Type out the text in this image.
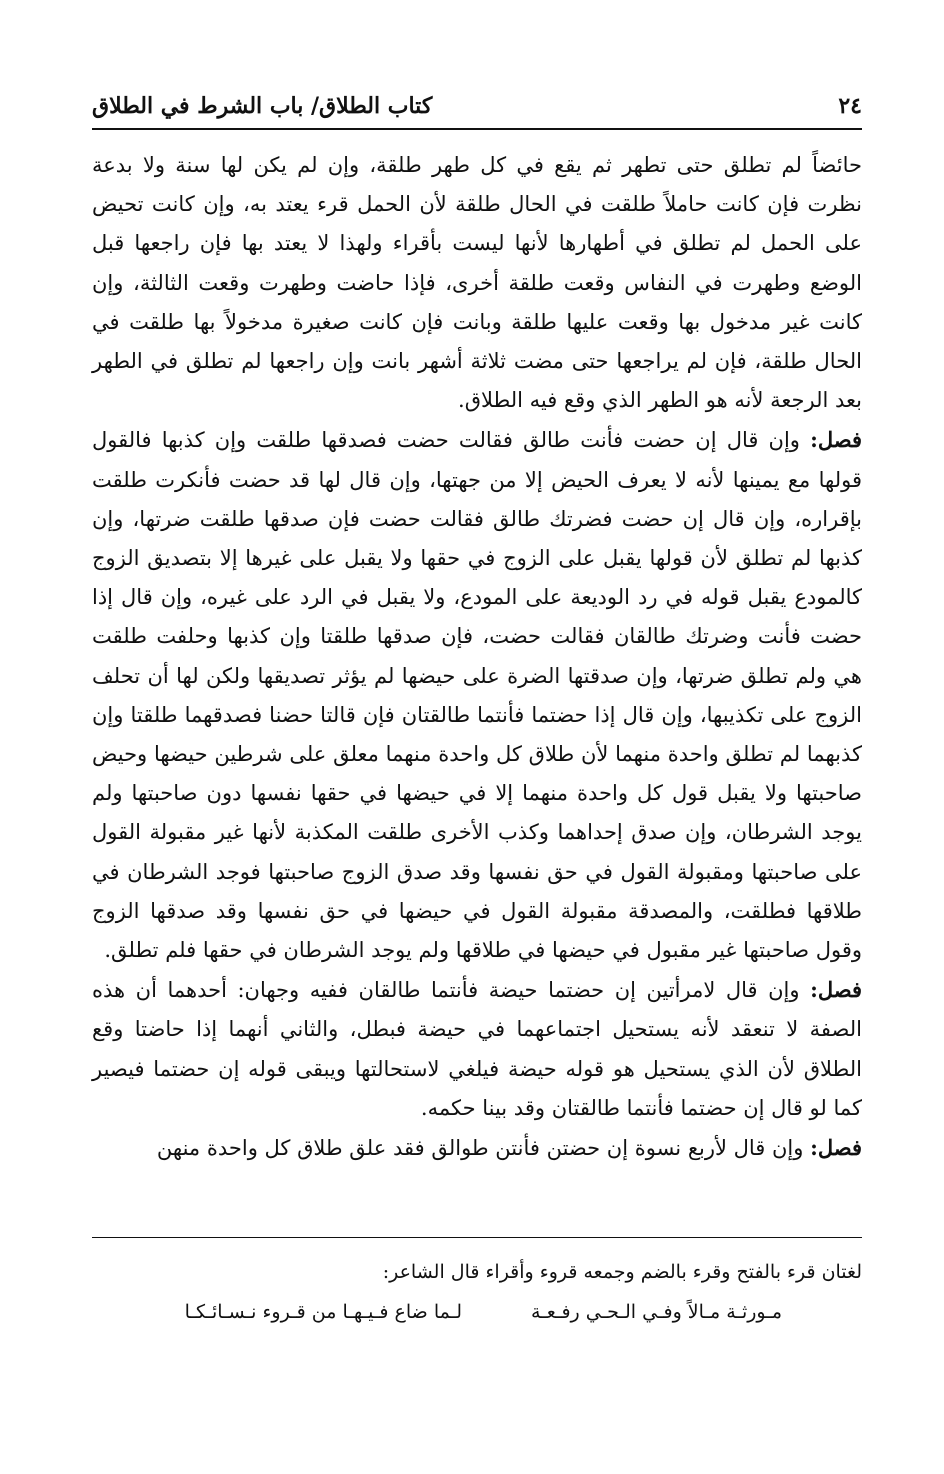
٢٤
كتاب الطلاق/ باب الشرط في الطلاق

حائضاً لم تطلق حتى تطهر ثم يقع في كل طهر طلقة، وإن لم يكن لها سنة ولا بدعة نظرت فإن كانت حاملاً طلقت في الحال طلقة لأن الحمل قرء يعتد به، وإن كانت تحيض على الحمل لم تطلق في أطهارها لأنها ليست بأقراء ولهذا لا يعتد بها فإن راجعها قبل الوضع وطهرت في النفاس وقعت طلقة أخرى، فإذا حاضت وطهرت وقعت الثالثة، وإن كانت غير مدخول بها وقعت عليها طلقة وبانت فإن كانت صغيرة مدخولاً بها طلقت في الحال طلقة، فإن لم يراجعها حتى مضت ثلاثة أشهر بانت وإن راجعها لم تطلق في الطهر بعد الرجعة لأنه هو الطهر الذي وقع فيه الطلاق.

فصل: وإن قال إن حضت فأنت طالق فقالت حضت فصدقها طلقت وإن كذبها فالقول قولها مع يمينها لأنه لا يعرف الحيض إلا من جهتها، وإن قال لها قد حضت فأنكرت طلقت بإقراره، وإن قال إن حضت فضرتك طالق فقالت حضت فإن صدقها طلقت ضرتها، وإن كذبها لم تطلق لأن قولها يقبل على الزوج في حقها ولا يقبل على غيرها إلا بتصديق الزوج كالمودع يقبل قوله في رد الوديعة على المودع، ولا يقبل في الرد على غيره، وإن قال إذا حضت فأنت وضرتك طالقان فقالت حضت، فإن صدقها طلقتا وإن كذبها وحلفت طلقت هي ولم تطلق ضرتها، وإن صدقتها الضرة على حيضها لم يؤثر تصديقها ولكن لها أن تحلف الزوج على تكذيبها، وإن قال إذا حضتما فأنتما طالقتان فإن قالتا حضنا فصدقهما طلقتا وإن كذبهما لم تطلق واحدة منهما لأن طلاق كل واحدة منهما معلق على شرطين حيضها وحيض صاحبتها ولا يقبل قول كل واحدة منهما إلا في حيضها في حقها نفسها دون صاحبتها ولم يوجد الشرطان، وإن صدق إحداهما وكذب الأخرى طلقت المكذبة لأنها غير مقبولة القول على صاحبتها ومقبولة القول في حق نفسها وقد صدق الزوج صاحبتها فوجد الشرطان في طلاقها فطلقت، والمصدقة مقبولة القول في حيضها في حق نفسها وقد صدقها الزوج وقول صاحبتها غير مقبول في حيضها في طلاقها ولم يوجد الشرطان في حقها فلم تطلق.

فصل: وإن قال لامرأتين إن حضتما حيضة فأنتما طالقان ففيه وجهان: أحدهما أن هذه الصفة لا تنعقد لأنه يستحيل اجتماعهما في حيضة فبطل، والثاني أنهما إذا حاضتا وقع الطلاق لأن الذي يستحيل هو قوله حيضة فيلغي لاستحالتها ويبقى قوله إن حضتما فيصير كما لو قال إن حضتما فأنتما طالقتان وقد بينا حكمه.

فصل: وإن قال لأربع نسوة إن حضتن فأنتن طوالق فقد علق طلاق كل واحدة منهن

لغتان قرء بالفتح وقرء بالضم وجمعه قروء وأقراء قال الشاعر:

مـورثـة مـالاً وفـي الـحـي رفـعـة
لـما ضاع فـيـهـا من قـروء نـسـائـكـا
